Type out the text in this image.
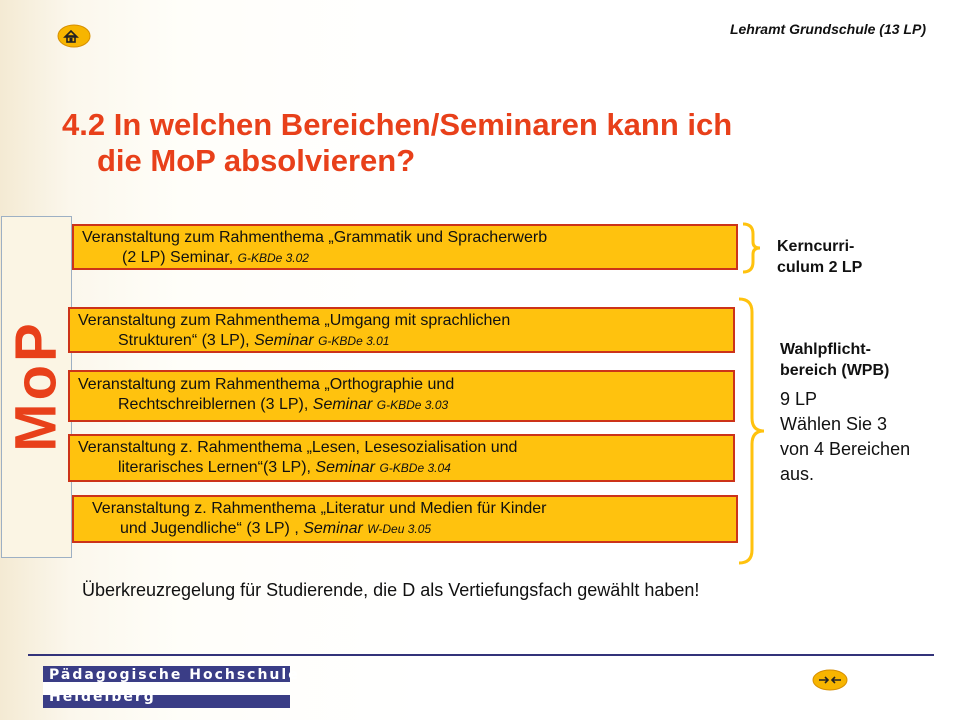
Lehramt Grundschule (13 LP)
4.2 In welchen Bereichen/Seminaren kann ich
die MoP absolvieren?
MoP
Veranstaltung zum Rahmenthema „Grammatik und Spracherwerb
(2 LP) Seminar, G-KBDe 3.02
Veranstaltung zum Rahmenthema „Umgang mit sprachlichen
Strukturen“ (3 LP), Seminar G-KBDe 3.01
Veranstaltung zum Rahmenthema „Orthographie und
Rechtschreiblernen (3 LP), Seminar G-KBDe 3.03
Veranstaltung z. Rahmenthema „Lesen, Lesesozialisation und
literarisches Lernen“(3 LP), Seminar G-KBDe 3.04
Veranstaltung z. Rahmenthema „Literatur und Medien für Kinder
und Jugendliche“ (3 LP) , Seminar W-Deu 3.05
Kerncurri-
culum 2 LP
Wahlpflicht-
bereich (WPB)
9 LP
Wählen Sie 3
von 4 Bereichen
aus.
Überkreuzregelung für Studierende, die D als Vertiefungsfach gewählt haben!
Pädagogische Hochschule
Heidelberg
